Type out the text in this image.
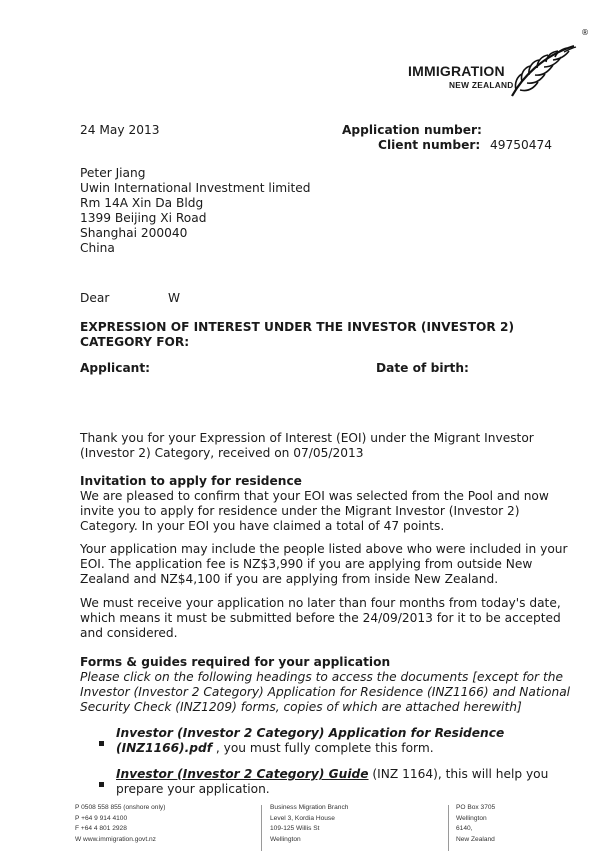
IMMIGRATION
NEW ZEALAND
®
24 May 2013	Application number:
Client number: 49750474
Peter Jiang
Uwin International Investment limited
Rm 14A Xin Da Bldg
1399 Beijing Xi Road
Shanghai 200040
China
Dear	W
EXPRESSION OF INTEREST UNDER THE INVESTOR (INVESTOR 2)
CATEGORY FOR:
Applicant:	Date of birth:
Thank you for your Expression of Interest (EOI) under the Migrant Investor
(Investor 2) Category, received on 07/05/2013
Invitation to apply for residence
We are pleased to confirm that your EOI was selected from the Pool and now
invite you to apply for residence under the Migrant Investor (Investor 2)
Category. In your EOI you have claimed a total of 47 points.
Your application may include the people listed above who were included in your
EOI. The application fee is NZ$3,990 if you are applying from outside New
Zealand and NZ$4,100 if you are applying from inside New Zealand.
We must receive your application no later than four months from today's date,
which means it must be submitted before the 24/09/2013 for it to be accepted
and considered.
Forms & guides required for your application
Please click on the following headings to access the documents [except for the
Investor (Investor 2 Category) Application for Residence (INZ1166) and National
Security Check (INZ1209) forms, copies of which are attached herewith]
Investor (Investor 2 Category) Application for Residence
(INZ1166).pdf , you must fully complete this form.
Investor (Investor 2 Category) Guide (INZ 1164), this will help you
prepare your application.
P 0508 558 855 (onshore only)
P +64 9 914 4100
F +64 4 801 2928
W www.immigration.govt.nz
Business Migration Branch
Level 3, Kordia House
109-125 Willis St
Wellington
PO Box 3705
Wellington
6140,
New Zealand
